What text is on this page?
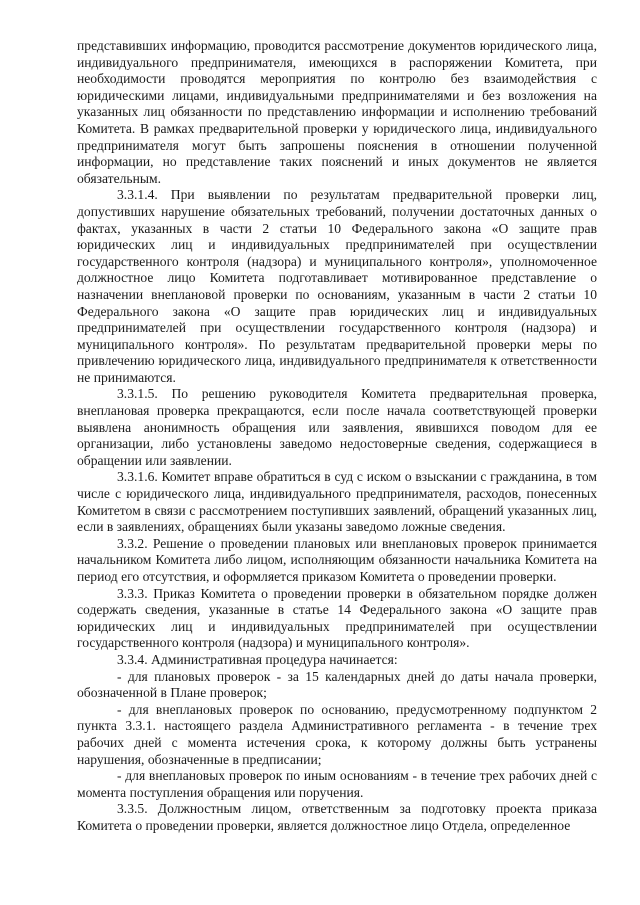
представивших информацию, проводится рассмотрение документов юридического лица, индивидуального предпринимателя, имеющихся в распоряжении Комитета, при необходимости проводятся мероприятия по контролю без взаимодействия с юридическими лицами, индивидуальными предпринимателями и без возложения на указанных лиц обязанности по представлению информации и исполнению требований Комитета. В рамках предварительной проверки у юридического лица, индивидуального предпринимателя могут быть запрошены пояснения в отношении полученной информации, но представление таких пояснений и иных документов не является обязательным.

3.3.1.4. При выявлении по результатам предварительной проверки лиц, допустивших нарушение обязательных требований, получении достаточных данных о фактах, указанных в части 2 статьи 10 Федерального закона «О защите прав юридических лиц и индивидуальных предпринимателей при осуществлении государственного контроля (надзора) и муниципального контроля», уполномоченное должностное лицо Комитета подготавливает мотивированное представление о назначении внеплановой проверки по основаниям, указанным в части 2 статьи 10 Федерального закона «О защите прав юридических лиц и индивидуальных предпринимателей при осуществлении государственного контроля (надзора) и муниципального контроля». По результатам предварительной проверки меры по привлечению юридического лица, индивидуального предпринимателя к ответственности не принимаются.

3.3.1.5. По решению руководителя Комитета предварительная проверка, внеплановая проверка прекращаются, если после начала соответствующей проверки выявлена анонимность обращения или заявления, явившихся поводом для ее организации, либо установлены заведомо недостоверные сведения, содержащиеся в обращении или заявлении.

3.3.1.6. Комитет вправе обратиться в суд с иском о взыскании с гражданина, в том числе с юридического лица, индивидуального предпринимателя, расходов, понесенных Комитетом в связи с рассмотрением поступивших заявлений, обращений указанных лиц, если в заявлениях, обращениях были указаны заведомо ложные сведения.

3.3.2. Решение о проведении плановых или внеплановых проверок принимается начальником Комитета либо лицом, исполняющим обязанности начальника Комитета на период его отсутствия, и оформляется приказом Комитета о проведении проверки.

3.3.3. Приказ Комитета о проведении проверки в обязательном порядке должен содержать сведения, указанные в статье 14 Федерального закона «О защите прав юридических лиц и индивидуальных предпринимателей при осуществлении государственного контроля (надзора) и муниципального контроля».

3.3.4. Административная процедура начинается:

- для плановых проверок - за 15 календарных дней до даты начала проверки, обозначенной в Плане проверок;

- для внеплановых проверок по основанию, предусмотренному подпунктом 2 пункта 3.3.1. настоящего раздела Административного регламента - в течение трех рабочих дней с момента истечения срока, к которому должны быть устранены нарушения, обозначенные в предписании;

- для внеплановых проверок по иным основаниям - в течение трех рабочих дней с момента поступления обращения или поручения.

3.3.5. Должностным лицом, ответственным за подготовку проекта приказа Комитета о проведении проверки, является должностное лицо Отдела, определенное
